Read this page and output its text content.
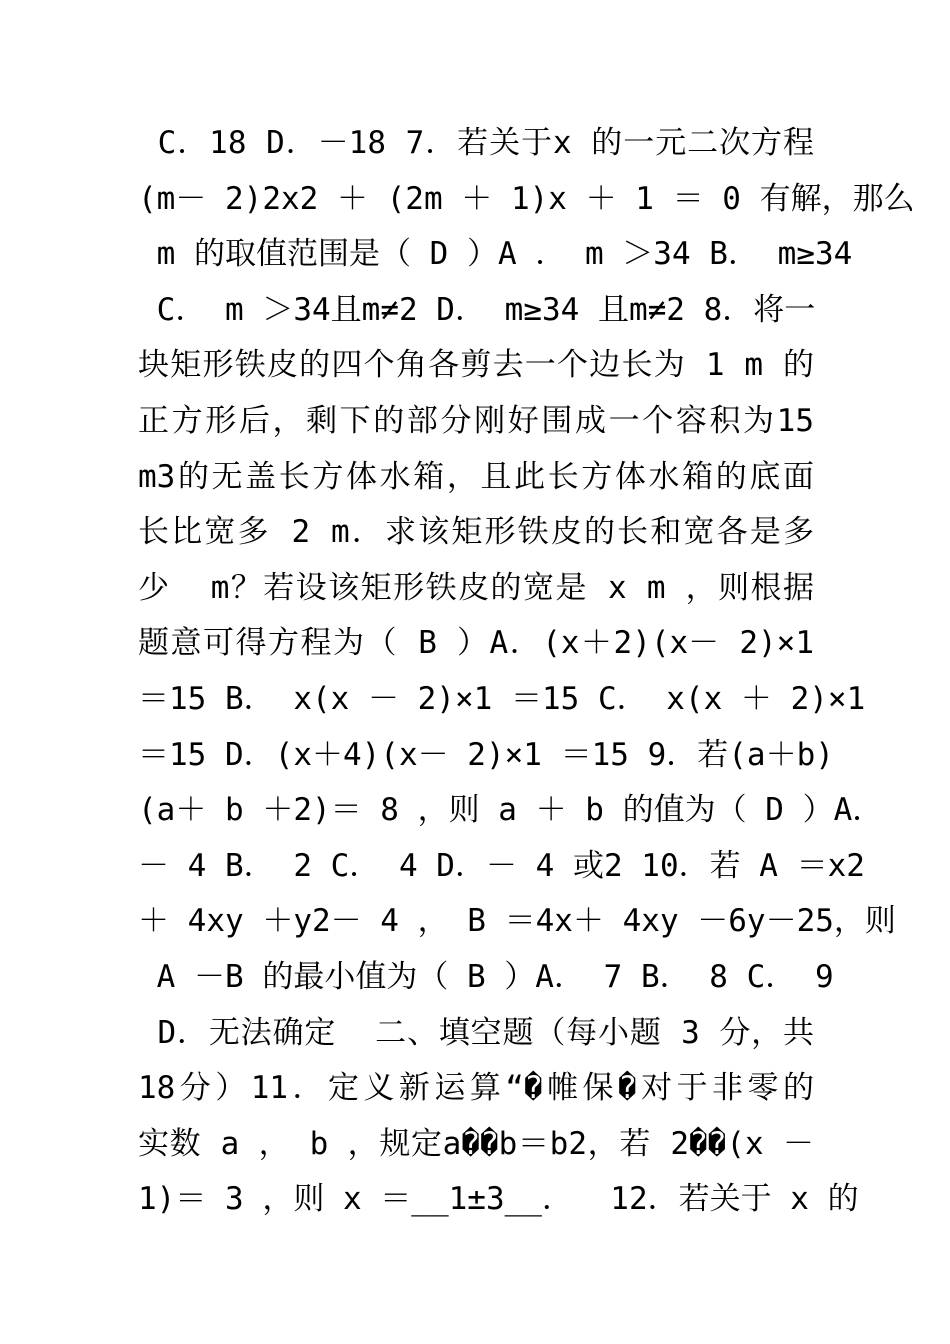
C．18 D．－18 7．若关于x 的一元二次方程
(m－ 2)2x2 ＋ (2m ＋ 1)x ＋ 1 ＝ 0 有解，那么
m 的取值范围是（ D ）A ． m ＞34 B． m≥34
C． m ＞34且m≠2 D． m≥34 且m≠2 8．将一
块矩形铁皮的四个角各剪去一个边长为 1 m 的
正方形后，剩下的部分刚好围成一个容积为15
m3的无盖长方体水箱，且此长方体水箱的底面
长比宽多 2 m．求该矩形铁皮的长和宽各是多
少  m？若设该矩形铁皮的宽是 x m ，则根据
题意可得方程为（ B ）A．(x＋2)(x－ 2)×1
＝15 B． x(x － 2)×1 ＝15 C． x(x ＋ 2)×1
＝15 D．(x＋4)(x－ 2)×1 ＝15 9．若(a＋b)
(a＋ b ＋2)＝ 8 ，则 a ＋ b 的值为（ D ）A．
－ 4 B． 2 C． 4 D．－ 4 或2 10．若 A ＝x2
＋ 4xy ＋y2－ 4 ， B ＝4x＋ 4xy －6y－25，则
A －B 的最小值为（ B ）A． 7 B． 8 C． 9
D．无法确定  二、填空题（每小题 3 分，共
18分）11．定义新运算“�帷保�对于非零的
实数 a ， b ，规定a��b＝b2，若 2��(x －
1)＝ 3 ，则 x ＝__1±3__．  12．若关于 x 的
